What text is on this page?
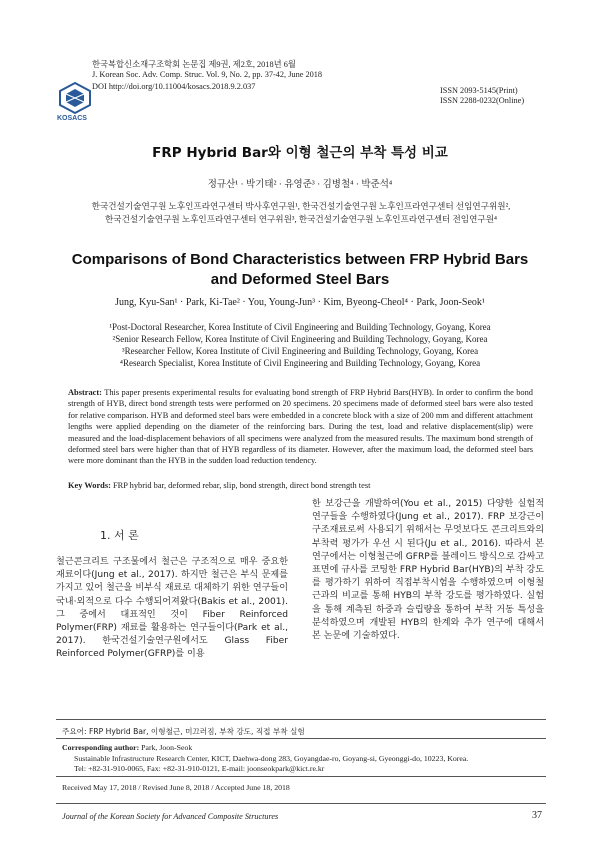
KOSACS
한국복합신소재구조학회 논문집 제9권, 제2호, 2018년 6월
J. Korean Soc. Adv. Comp. Struc. Vol. 9, No. 2, pp. 37-42, June 2018
DOI http://doi.org/10.11004/kosacs.2018.9.2.037	ISSN 2093-5145(Print)
ISSN 2288-0232(Online)
FRP Hybrid Bar와 이형 철근의 부착 특성 비교
정규산¹ · 박기태² · 유영준³ · 김병철⁴ · 박준석⁴

한국건설기술연구원 노후인프라연구센터 박사후연구원¹, 한국건설기술연구원 노후인프라연구센터 선임연구위원²,

한국건설기술연구원 노후인프라연구센터 연구위원³, 한국건설기술연구원 노후인프라연구센터 전임연구원⁴

Comparisons of Bond Characteristics between FRP Hybrid Bars and Deformed Steel Bars
Jung, Kyu-San¹ · Park, Ki-Tae² · You, Young-Jun³ · Kim, Byeong-Cheol⁴ · Park, Joon-Seok¹

¹Post-Doctoral Researcher, Korea Institute of Civil Engineering and Building Technology, Goyang, Korea

²Senior Research Fellow, Korea Institute of Civil Engineering and Building Technology, Goyang, Korea

³Researcher Fellow, Korea Institute of Civil Engineering and Building Technology, Goyang, Korea

⁴Research Specialist, Korea Institute of Civil Engineering and Building Technology, Goyang, Korea

Abstract: This paper presents experimental results for evaluating bond strength of FRP Hybrid Bars(HYB). In order to confirm the bond strength of HYB, direct bond strength tests were performed on 20 specimens. 20 specimens made of deformed steel bars were also tested for relative comparison. HYB and deformed steel bars were embedded in a concrete block with a size of 200 mm and different attachment lengths were applied depending on the diameter of the reinforcing bars. During the test, load and relative displacement(slip) were measured and the load-displacement behaviors of all specimens were analyzed from the measured results. The maximum bond strength of deformed steel bars were higher than that of HYB regardless of its diameter. However, after the maximum load, the deformed steel bars were more dominant than the HYB in the sudden load reduction tendency.
Key Words: FRP hybrid bar, deformed rebar, slip, bond strength, direct bond strength test
1. 서 론
철근콘크리트 구조물에서 철근은 구조적으로 매우 중요한 재료이다(Jung et al., 2017). 하지만 철근은 부식 문제를 가지고 있어 철근을 비부식 재료로 대체하기 위한 연구들이 국내·외적으로 다수 수행되어져왔다(Bakis et al., 2001). 그 중에서 대표적인 것이 Fiber Reinforced Polymer(FRP) 재료를 활용하는 연구들이다(Park et al., 2017). 한국건설기술연구원에서도 Glass Fiber Reinforced Polymer(GFRP)를 이용
한 보강근을 개발하여(You et al., 2015) 다양한 실험적 연구들을 수행하였다(Jung et al., 2017). FRP 보강근이 구조재료로써 사용되기 위해서는 무엇보다도 콘크리트와의 부착력 평가가 우선 시 된다(Ju et al., 2016). 따라서 본 연구에서는 이형철근에 GFRP를 블레이드 방식으로 감싸고 표면에 규사를 코팅한 FRP Hybrid Bar(HYB)의 부착 강도를 평가하기 위하여 직접부착시험을 수행하였으며 이형철근과의 비교를 통해 HYB의 부착 강도를 평가하였다. 실험을 통해 계측된 하중과 슬립량을 통하여 부착 거동 특성을 분석하였으며 개발된 HYB의 한계와 추가 연구에 대해서 본 논문에 기술하였다.
주요어: FRP Hybrid Bar, 이형철근, 미끄러짐, 부착 강도, 직접 부착 실험

Corresponding author: Park, Joon-Seok

Sustainable Infrastructure Research Center, KICT, Daehwa-dong 283, Goyangdae-ro, Goyang-si, Gyeonggi-do, 10223, Korea.

Tel: +82-31-910-0065, Fax: +82-31-910-0121, E-mail: joonseokpark@kict.re.kr

Received May 17, 2018 / Revised June 8, 2018 / Accepted June 18, 2018
Journal of the Korean Society for Advanced Composite Structures	37
